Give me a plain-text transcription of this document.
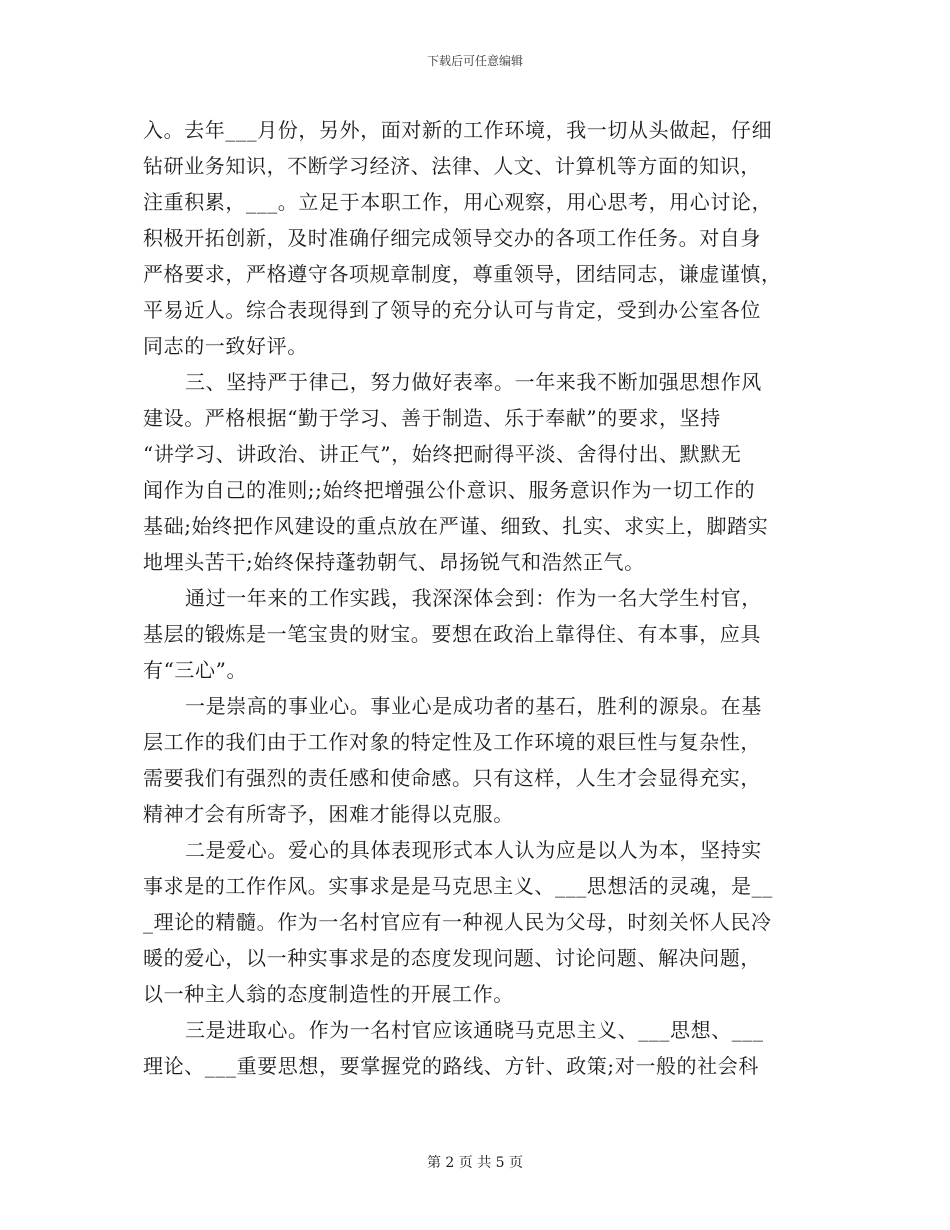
下载后可任意编辑
入。去年___月份，另外，面对新的工作环境，我一切从头做起，仔细
钻研业务知识，不断学习经济、法律、人文、计算机等方面的知识，
注重积累，___。立足于本职工作，用心观察，用心思考，用心讨论，
积极开拓创新，及时准确仔细完成领导交办的各项工作任务。对自身
严格要求，严格遵守各项规章制度，尊重领导，团结同志，谦虚谨慎，
平易近人。综合表现得到了领导的充分认可与肯定，受到办公室各位
同志的一致好评。
三、坚持严于律己，努力做好表率。一年来我不断加强思想作风
建设。严格根据“勤于学习、善于制造、乐于奉献”的要求，坚持
“讲学习、讲政治、讲正气”，始终把耐得平淡、舍得付出、默默无
闻作为自己的准则;;始终把增强公仆意识、服务意识作为一切工作的
基础;始终把作风建设的重点放在严谨、细致、扎实、求实上，脚踏实
地埋头苦干;始终保持蓬勃朝气、昂扬锐气和浩然正气。
通过一年来的工作实践，我深深体会到：作为一名大学生村官，
基层的锻炼是一笔宝贵的财宝。要想在政治上靠得住、有本事，应具
有“三心”。
一是崇高的事业心。事业心是成功者的基石，胜利的源泉。在基
层工作的我们由于工作对象的特定性及工作环境的艰巨性与复杂性，
需要我们有强烈的责任感和使命感。只有这样，人生才会显得充实，
精神才会有所寄予，困难才能得以克服。
二是爱心。爱心的具体表现形式本人认为应是以人为本，坚持实
事求是的工作作风。实事求是是马克思主义、___思想活的灵魂，是__
_理论的精髓。作为一名村官应有一种视人民为父母，时刻关怀人民冷
暖的爱心，以一种实事求是的态度发现问题、讨论问题、解决问题，
以一种主人翁的态度制造性的开展工作。
三是进取心。作为一名村官应该通晓马克思主义、___思想、___
理论、___重要思想，要掌握党的路线、方针、政策;对一般的社会科
第 2 页 共 5 页
